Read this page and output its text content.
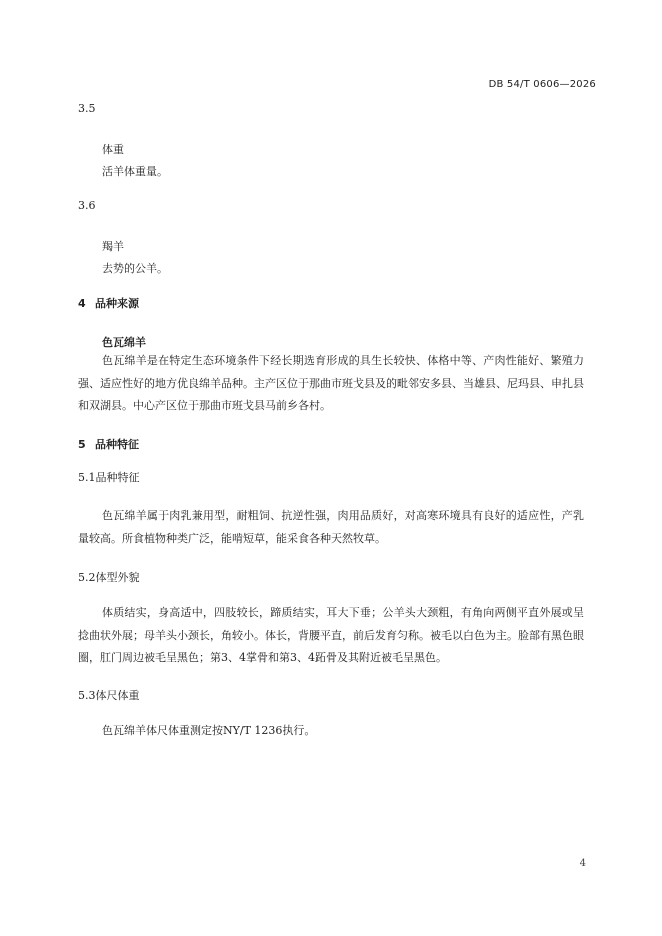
DB 54/T 0606—2026
3.5
体重
活羊体重量。
3.6
羯羊
去势的公羊。
4 品种来源
色瓦绵羊
色瓦绵羊是在特定生态环境条件下经长期选育形成的具生长较快、体格中等、产肉性能好、繁殖力强、适应性好的地方优良绵羊品种。主产区位于那曲市班戈县及的毗邻安多县、当雄县、尼玛县、申扎县和双湖县。中心产区位于那曲市班戈县马前乡各村。
5 品种特征
5.1品种特征
色瓦绵羊属于肉乳兼用型，耐粗饲、抗逆性强，肉用品质好，对高寒环境具有良好的适应性，产乳量较高。所食植物种类广泛，能啃短草，能采食各种天然牧草。
5.2体型外貌
体质结实，身高适中，四肢较长，蹄质结实，耳大下垂；公羊头大颈粗，有角向两侧平直外展或呈捻曲状外展；母羊头小颈长，角较小。体长，背腰平直，前后发育匀称。被毛以白色为主。脸部有黑色眼圈，肛门周边被毛呈黑色；第3、4掌骨和第3、4跖骨及其附近被毛呈黑色。
5.3体尺体重
色瓦绵羊体尺体重测定按NY/T 1236执行。
4
